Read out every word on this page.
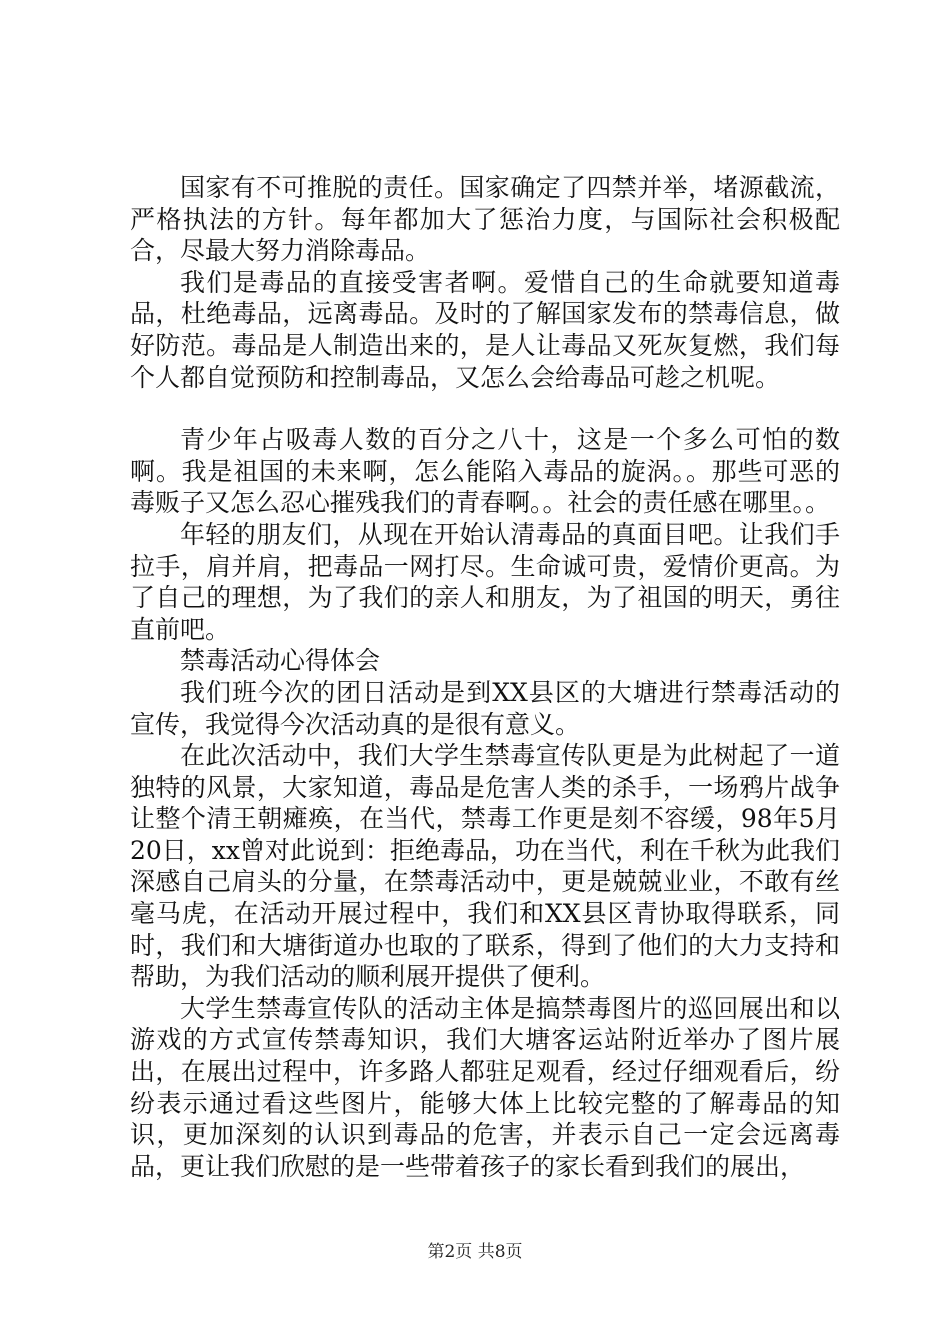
国家有不可推脱的责任。国家确定了四禁并举，堵源截流，严格执法的方针。每年都加大了惩治力度，与国际社会积极配合，尽最大努力消除毒品。

我们是毒品的直接受害者啊。爱惜自己的生命就要知道毒品，杜绝毒品，远离毒品。及时的了解国家发布的禁毒信息，做好防范。毒品是人制造出来的，是人让毒品又死灰复燃，我们每个人都自觉预防和控制毒品，又怎么会给毒品可趁之机呢。

青少年占吸毒人数的百分之八十，这是一个多么可怕的数啊。我是祖国的未来啊，怎么能陷入毒品的旋涡。。那些可恶的毒贩子又怎么忍心摧残我们的青春啊。。社会的责任感在哪里。。

年轻的朋友们，从现在开始认清毒品的真面目吧。让我们手拉手，肩并肩，把毒品一网打尽。生命诚可贵，爱情价更高。为了自己的理想，为了我们的亲人和朋友，为了祖国的明天，勇往直前吧。

禁毒活动心得体会

我们班今次的团日活动是到XX县区的大塘进行禁毒活动的宣传，我觉得今次活动真的是很有意义。

在此次活动中，我们大学生禁毒宣传队更是为此树起了一道独特的风景，大家知道，毒品是危害人类的杀手，一场鸦片战争让整个清王朝瘫痪，在当代，禁毒工作更是刻不容缓，98年5月20日，xx曾对此说到：拒绝毒品，功在当代，利在千秋为此我们深感自己肩头的分量，在禁毒活动中，更是兢兢业业，不敢有丝毫马虎，在活动开展过程中，我们和XX县区青协取得联系，同时，我们和大塘街道办也取的了联系，得到了他们的大力支持和帮助，为我们活动的顺利展开提供了便利。

大学生禁毒宣传队的活动主体是搞禁毒图片的巡回展出和以游戏的方式宣传禁毒知识，我们大塘客运站附近举办了图片展出，在展出过程中，许多路人都驻足观看，经过仔细观看后，纷纷表示通过看这些图片，能够大体上比较完整的了解毒品的知识，更加深刻的认识到毒品的危害，并表示自己一定会远离毒品，更让我们欣慰的是一些带着孩子的家长看到我们的展出，

第2页 共8页
